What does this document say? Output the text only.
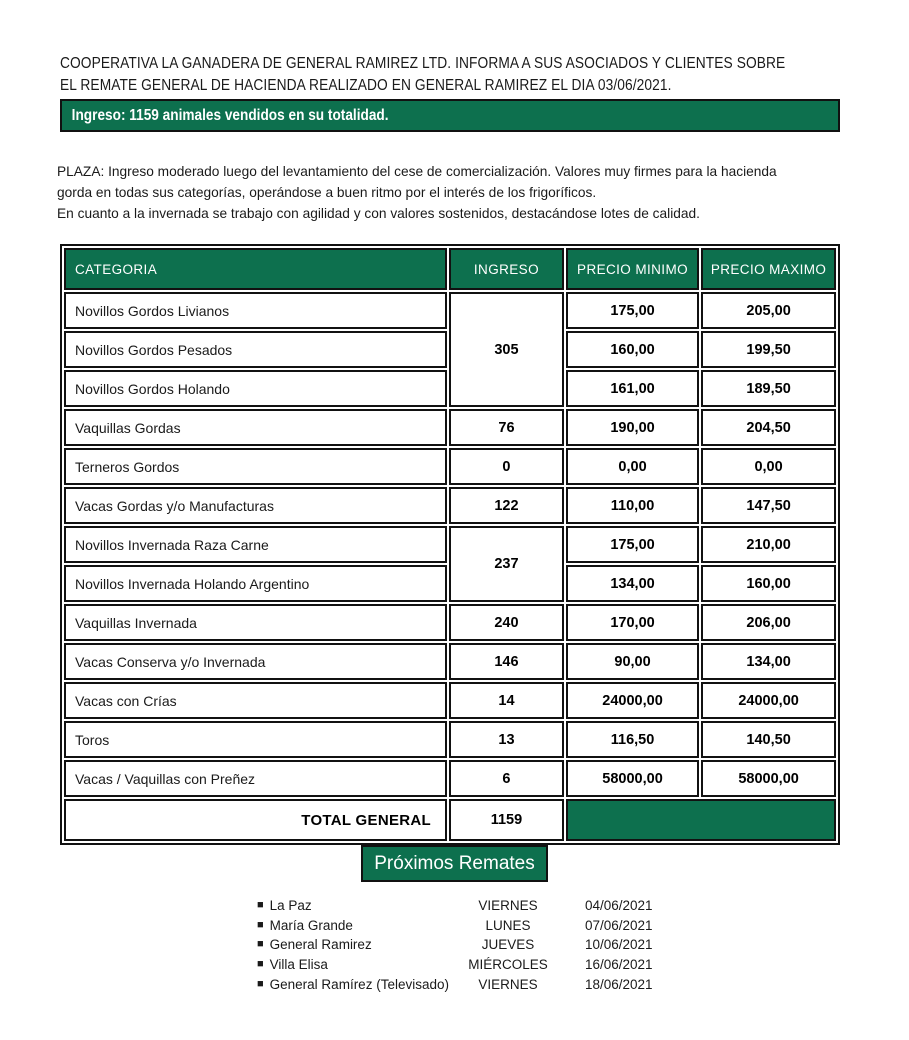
COOPERATIVA LA GANADERA DE GENERAL RAMIREZ LTD. INFORMA A SUS ASOCIADOS Y CLIENTES SOBRE
EL REMATE GENERAL DE HACIENDA REALIZADO EN GENERAL RAMIREZ EL DIA 03/06/2021.
Ingreso: 1159 animales vendidos en su totalidad.
PLAZA: Ingreso moderado luego del levantamiento del cese de comercialización. Valores muy firmes para la hacienda
gorda en todas sus categorías, operándose a buen ritmo por el interés de los frigoríficos.
En cuanto a la invernada se trabajo con agilidad y con valores sostenidos, destacándose lotes de calidad.
CATEGORIA	INGRESO	PRECIO MINIMO	PRECIO MAXIMO
Novillos Gordos Livianos	305	175,00	205,00
Novillos Gordos Pesados		160,00	199,50
Novillos Gordos Holando		161,00	189,50
Vaquillas Gordas	76	190,00	204,50
Terneros Gordos	0	0,00	0,00
Vacas Gordas y/o Manufacturas	122	110,00	147,50
Novillos Invernada Raza Carne	237	175,00	210,00
Novillos Invernada Holando Argentino		134,00	160,00
Vaquillas Invernada	240	170,00	206,00
Vacas Conserva y/o Invernada	146	90,00	134,00
Vacas con Crías	14	24000,00	24000,00
Toros	13	116,50	140,50
Vacas / Vaquillas con Preñez	6	58000,00	58000,00
TOTAL GENERAL	1159		
Próximos Remates
■ La Paz	VIERNES	04/06/2021
■ María Grande	LUNES	07/06/2021
■ General Ramirez	JUEVES	10/06/2021
■ Villa Elisa	MIÉRCOLES	16/06/2021
■ General Ramírez (Televisado)	VIERNES	18/06/2021
